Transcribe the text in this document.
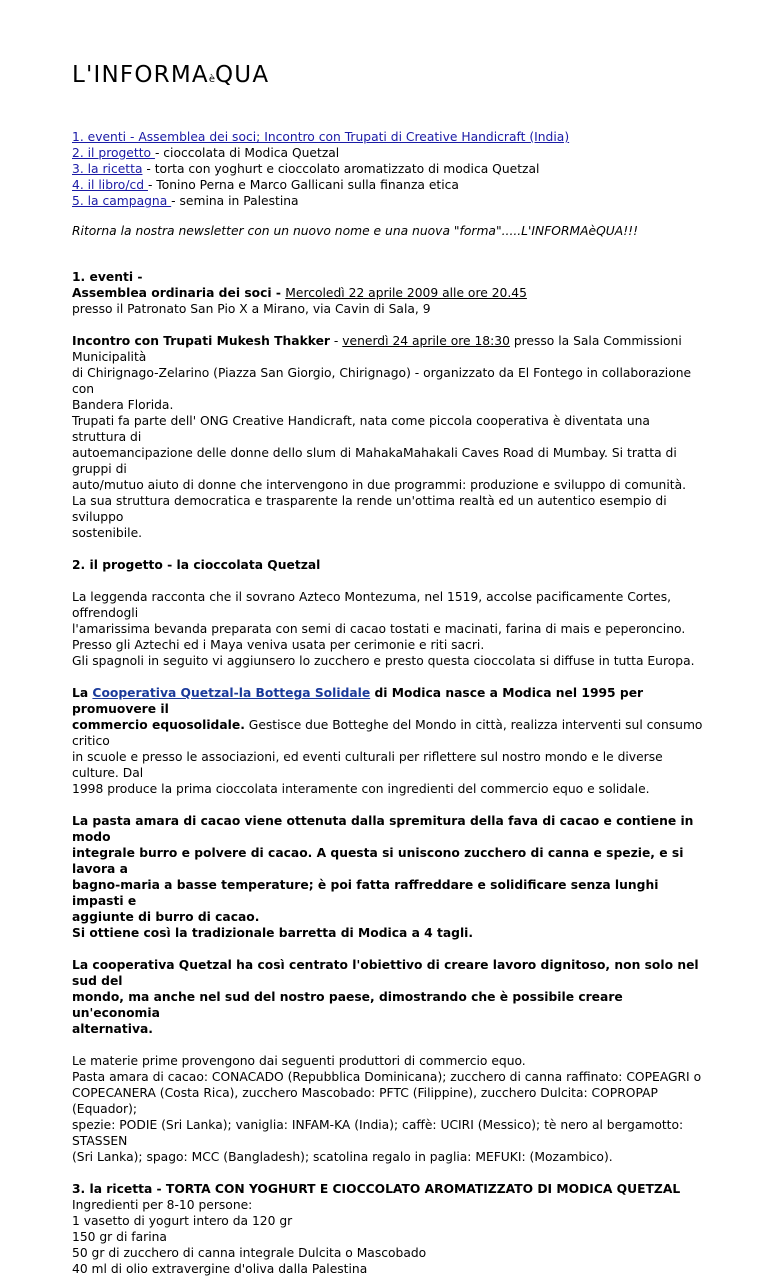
L'INFORMAèQUA
1. eventi - Assemblea dei soci; Incontro con Trupati di Creative Handicraft (India)
2. il progetto - cioccolata di Modica Quetzal
3. la ricetta - torta con yoghurt e cioccolato aromatizzato di modica Quetzal
4. il libro/cd - Tonino Perna e Marco Gallicani sulla finanza etica
5. la campagna - semina in Palestina

Ritorna la nostra newsletter con un nuovo nome e una nuova "forma".....L'INFORMAèQUA!!!

1. eventi -

Assemblea ordinaria dei soci - Mercoledì 22 aprile 2009 alle ore 20.45

presso il Patronato San Pio X a Mirano, via Cavin di Sala, 9

Incontro con Trupati Mukesh Thakker - venerdì 24 aprile ore 18:30 presso la Sala Commissioni Municipalità

di Chirignago-Zelarino (Piazza San Giorgio, Chirignago) - organizzato da El Fontego in collaborazione con

Bandera Florida.

Trupati fa parte dell' ONG Creative Handicraft, nata come piccola cooperativa è diventata una struttura di

autoemancipazione delle donne dello slum di MahakaMahakali Caves Road di Mumbay. Si tratta di gruppi di

auto/mutuo aiuto di donne che intervengono in due programmi: produzione e sviluppo di comunità.

La sua struttura democratica e trasparente la rende un'ottima realtà ed un autentico esempio di sviluppo

sostenibile.

2. il progetto - la cioccolata Quetzal

La leggenda racconta che il sovrano Azteco Montezuma, nel 1519, accolse pacificamente Cortes, offrendogli

l'amarissima bevanda preparata con semi di cacao tostati e macinati, farina di mais e peperoncino.

Presso gli Aztechi ed i Maya veniva usata per cerimonie e riti sacri.

Gli spagnoli in seguito vi aggiunsero lo zucchero e presto questa cioccolata si diffuse in tutta Europa.

La Cooperativa Quetzal-la Bottega Solidale di Modica nasce a Modica nel 1995 per promuovere il

commercio equosolidale. Gestisce due Botteghe del Mondo in città, realizza interventi sul consumo critico

in scuole e presso le associazioni, ed eventi culturali per riflettere sul nostro mondo e le diverse culture. Dal

1998 produce la prima cioccolata interamente con ingredienti del commercio equo e solidale.

La pasta amara di cacao viene ottenuta dalla spremitura della fava di cacao e contiene in modo

integrale burro e polvere di cacao. A questa si uniscono zucchero di canna e spezie, e si lavora a

bagno-maria a basse temperature; è poi fatta raffreddare e solidificare senza lunghi impasti e

aggiunte di burro di cacao.

Si ottiene così la tradizionale barretta di Modica a 4 tagli.

La cooperativa Quetzal ha così centrato l'obiettivo di creare lavoro dignitoso, non solo nel sud del

mondo, ma anche nel sud del nostro paese, dimostrando che è possibile creare un'economia

alternativa.

Le materie prime provengono dai seguenti produttori di commercio equo.

Pasta amara di cacao: CONACADO (Repubblica Dominicana); zucchero di canna raffinato: COPEAGRI o

COPECANERA (Costa Rica), zucchero Mascobado: PFTC (Filippine), zucchero Dulcita: COPROPAP (Equador);

spezie: PODIE (Sri Lanka); vaniglia: INFAM-KA (India); caffè: UCIRI (Messico); tè nero al bergamotto: STASSEN

(Sri Lanka); spago: MCC (Bangladesh); scatolina regalo in paglia: MEFUKI: (Mozambico).

3. la ricetta - TORTA CON YOGHURT E CIOCCOLATO AROMATIZZATO DI MODICA QUETZAL

Ingredienti per 8-10 persone:

1 vasetto di yogurt intero da 120 gr

150 gr di farina

50 gr di zucchero di canna integrale Dulcita o Mascobado

40 ml di olio extravergine d'oliva dalla Palestina
